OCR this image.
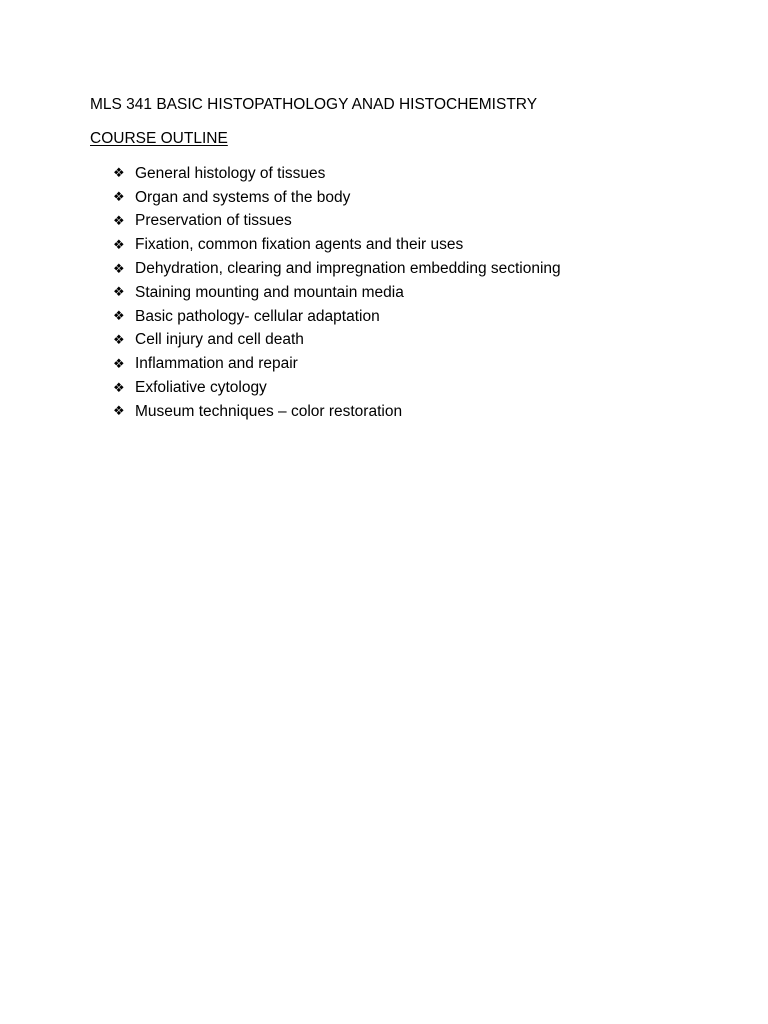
MLS 341 BASIC HISTOPATHOLOGY ANAD HISTOCHEMISTRY
COURSE OUTLINE
❖ General histology of tissues
❖ Organ and systems of the body
❖ Preservation of tissues
❖ Fixation, common fixation agents and their uses
❖ Dehydration, clearing and impregnation embedding sectioning
❖ Staining mounting and mountain media
❖ Basic pathology- cellular adaptation
❖ Cell injury and cell death
❖ Inflammation and repair
❖ Exfoliative cytology
❖ Museum techniques – color restoration
